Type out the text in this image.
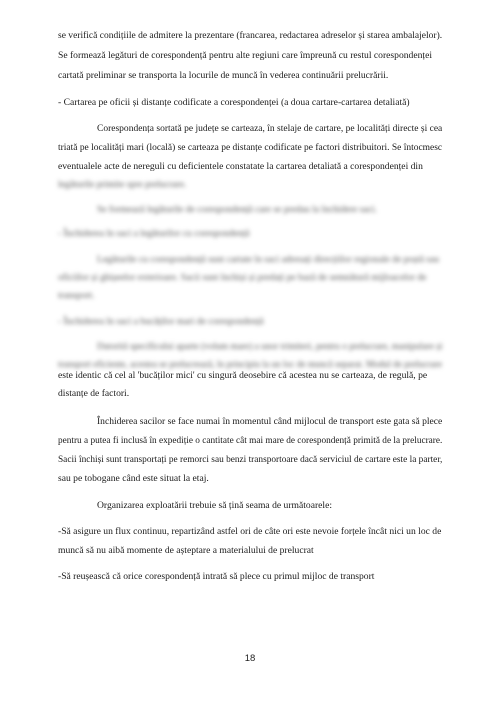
se verifică condițiile de admitere la prezentare (francarea, redactarea adreselor și starea ambalajelor).
Se formează legături de corespondență pentru alte regiuni care împreună cu restul corespondenței
cartată preliminar se transporta la locurile de muncă în vederea continuării prelucrării.
- Cartarea pe oficii și distanțe codificate a corespondenței (a doua cartare-cartarea detaliată)
Corespondența sortată pe județe se carteaza, în stelaje de cartare, pe localități directe și cea
triată pe localități mari (locală) se carteaza pe distanțe codificate pe factori distribuitori. Se întocmesc
eventualele acte de nereguli cu deficientele constatate la cartarea detaliată a corespondenței din
legăturile primite spre prelucrare.
Se formează legăturile de corespondență care se predau la închidere saci.
- Închiderea în saci a legăturilor cu corespondență
Legăturile cu corespondență sunt cartate în saci adresați direcțiilor regionale de poștă sau
oficiilor și ghișeelor exterioare. Sacii sunt închiși și predați pe bază de semnătură mijloacelor de
transport.
- Închiderea în saci a bucăților mari de corespondență
Datorită specificului aparte (volum mare) a unor trimiteri, pentru o prelucrare, manipulare și
transport eficiente, acestea se prelucrează, în principiu la un loc de muncă separat. Modul de prelucrare
este identic că cel al 'bucăților mici' cu singură deosebire că acestea nu se carteaza, de regulă, pe
distanțe de factori.
Închiderea sacilor se face numai în momentul când mijlocul de transport este gata să plece
pentru a putea fi inclusă în expediție o cantitate cât mai mare de corespondență primită de la prelucrare.
Sacii închiși sunt transportați pe remorci sau benzi transportoare dacă serviciul de cartare este la parter,
sau pe tobogane când este situat la etaj.
Organizarea exploatării trebuie să țină seama de următoarele:
-Să asigure un flux continuu, repartizând astfel ori de câte ori este nevoie forțele încât nici un loc de
muncă să nu aibă momente de așteptare a materialului de prelucrat
-Să reușească că orice corespondență intrată să plece cu primul mijloc de transport
18
